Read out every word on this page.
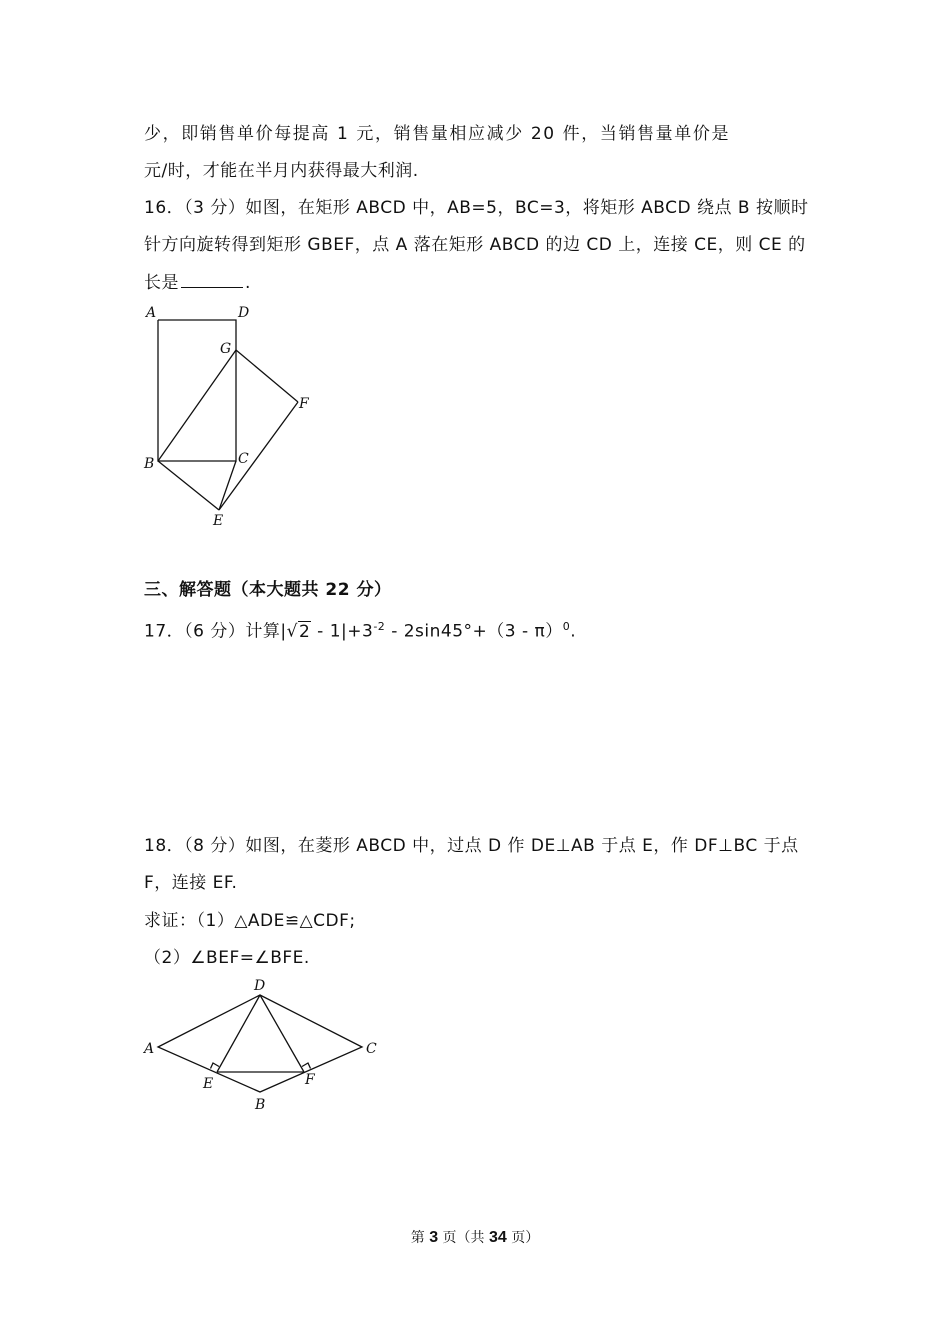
少，即销售单价每提高 1 元，销售量相应减少 20 件，当销售量单价是
元/时，才能在半月内获得最大利润.
16．（3 分）如图，在矩形 ABCD 中，AB=5，BC=3，将矩形 ABCD 绕点 B 按顺时
针方向旋转得到矩形 GBEF，点 A 落在矩形 ABCD 的边 CD 上，连接 CE，则 CE 的
长是	.
A	D
G
F
B	C
E
三、解答题（本大题共 22 分）
17．（6 分）计算$|√2 - 1|+3^{-2} - 2\sin 45^\circ+(3 - \pi)^0$.
18．（8 分）如图，在菱形 ABCD 中，过点 D 作 DE⊥AB 于点 E，作 DF⊥BC 于点
F，连接 EF.
求证：（1）△ADE≌△CDF;
（2）∠BEF=∠BFE.
A
D
C
E	F
B
第 3 页（共 34 页）
